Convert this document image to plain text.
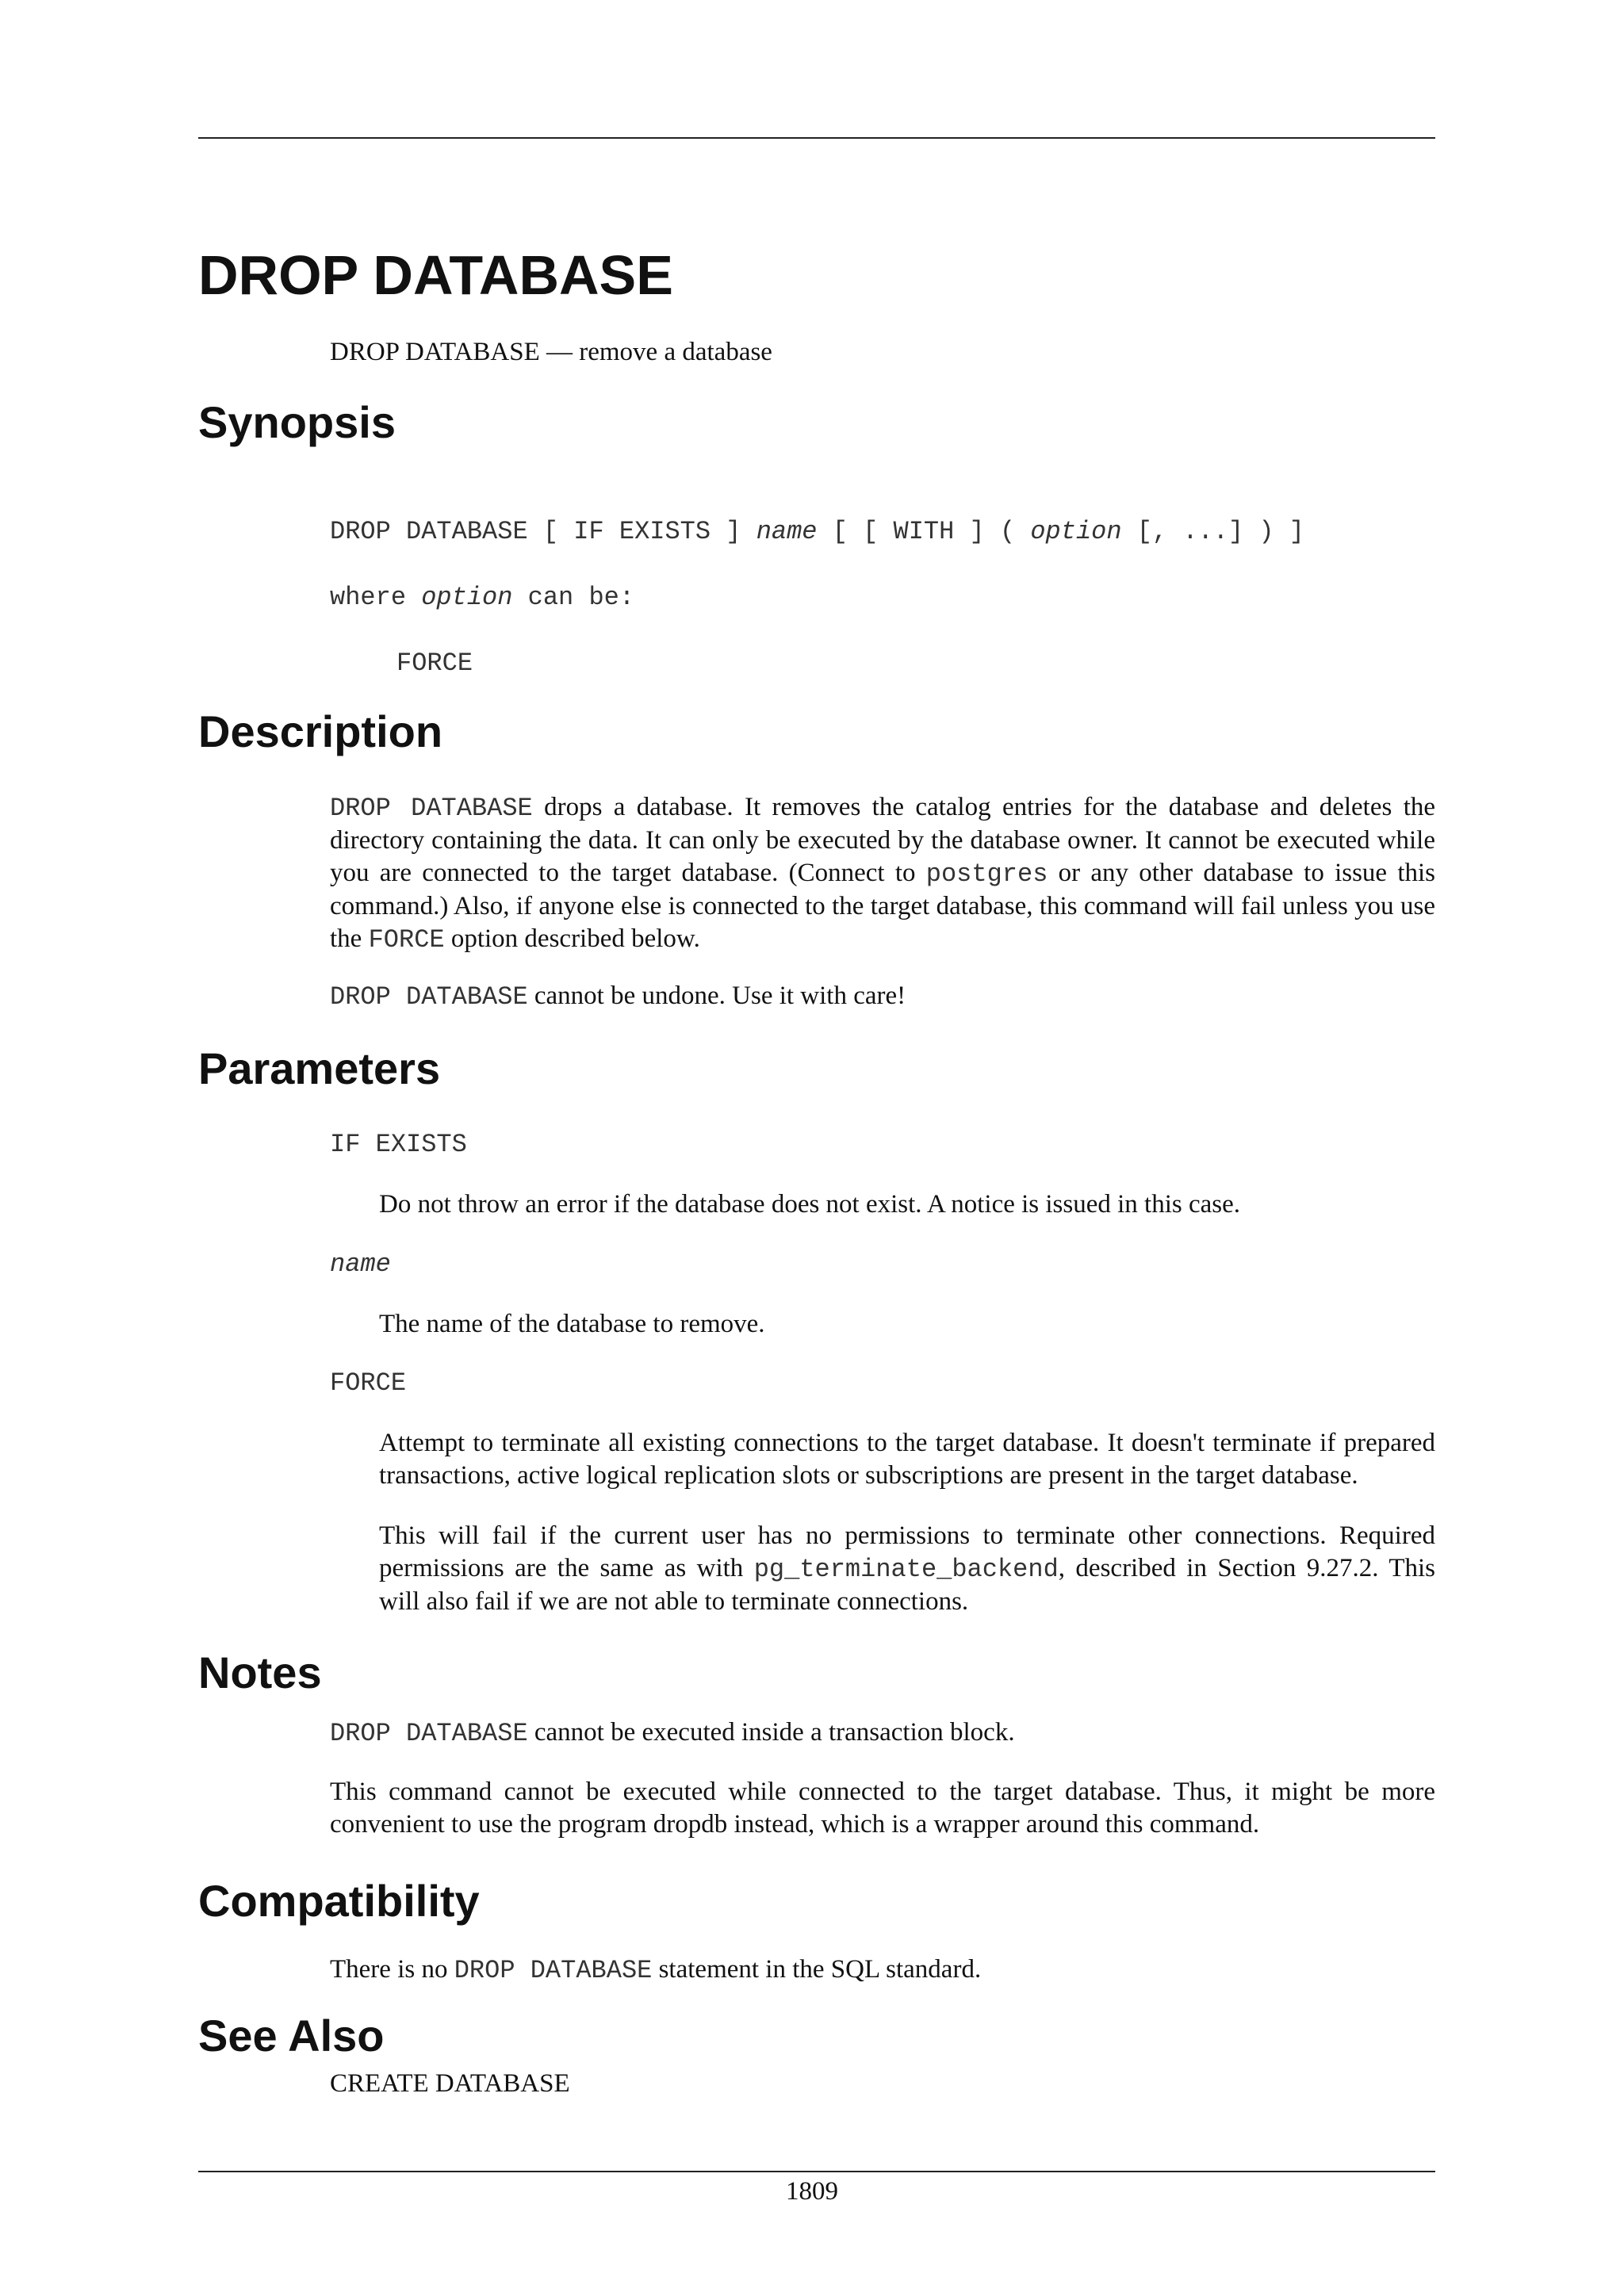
DROP DATABASE
DROP DATABASE — remove a database
Synopsis
DROP DATABASE [ IF EXISTS ] name [ [ WITH ] ( option [, ...] ) ]
where option can be:
FORCE
Description
DROP DATABASE drops a database. It removes the catalog entries for the database and deletes the directory containing the data. It can only be executed by the database owner. It cannot be executed while you are connected to the target database. (Connect to postgres or any other database to issue this command.) Also, if anyone else is connected to the target database, this command will fail unless you use the FORCE option described below.
DROP DATABASE cannot be undone. Use it with care!
Parameters
IF EXISTS
Do not throw an error if the database does not exist. A notice is issued in this case.
name
The name of the database to remove.
FORCE
Attempt to terminate all existing connections to the target database. It doesn't terminate if prepared transactions, active logical replication slots or subscriptions are present in the target database.
This will fail if the current user has no permissions to terminate other connections. Required permissions are the same as with pg_terminate_backend, described in Section 9.27.2. This will also fail if we are not able to terminate connections.
Notes
DROP DATABASE cannot be executed inside a transaction block.
This command cannot be executed while connected to the target database. Thus, it might be more convenient to use the program dropdb instead, which is a wrapper around this command.
Compatibility
There is no DROP DATABASE statement in the SQL standard.
See Also
CREATE DATABASE
1809
